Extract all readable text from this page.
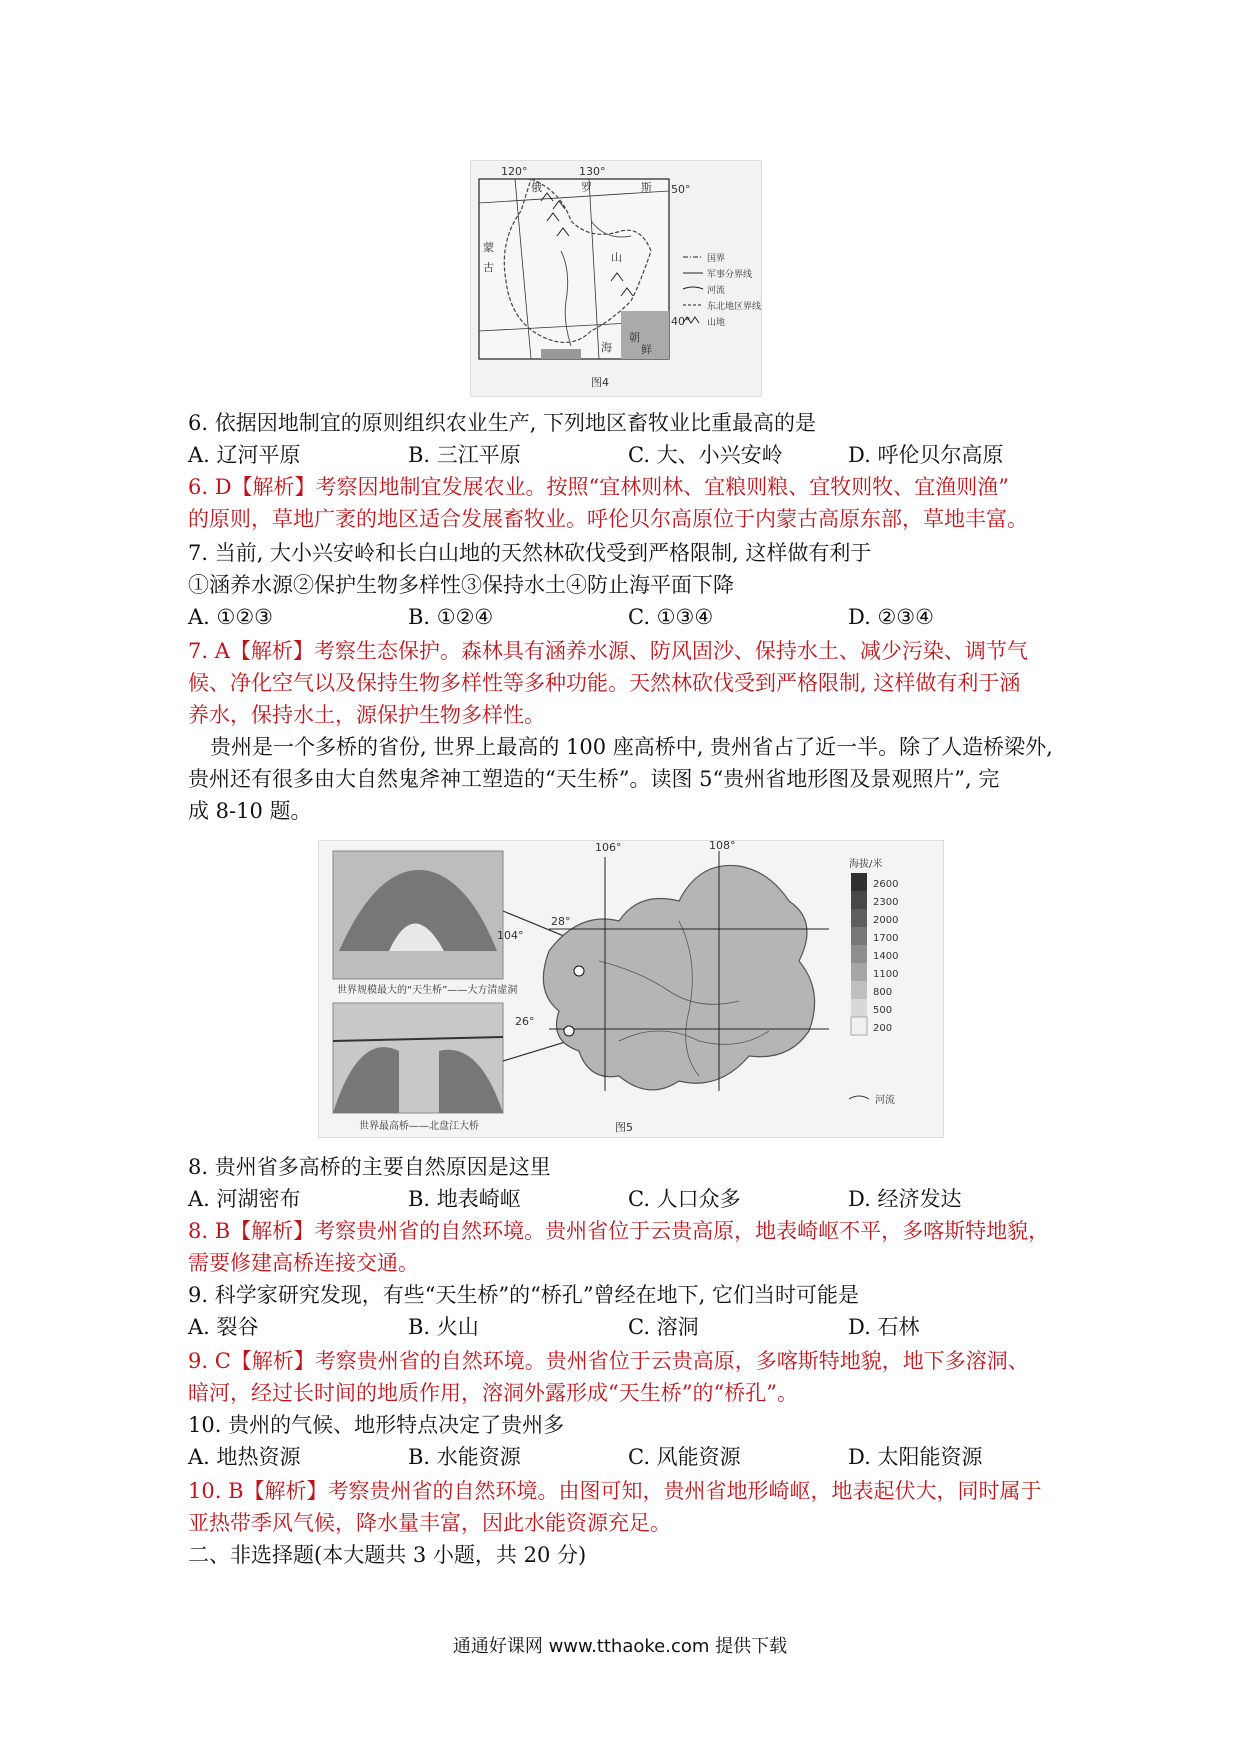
120°	130°
50°
40°
俄	罗	斯
蒙
古
山
朝
鲜
海
国界
军事分界线
河流
东北地区界线
山地
图4
6. 依据因地制宜的原则组织农业生产, 下列地区畜牧业比重最高的是
A. 辽河平原	B. 三江平原	C. 大、小兴安岭	D. 呼伦贝尔高原
6. D【解析】考察因地制宜发展农业。按照“宜林则林、宜粮则粮、宜牧则牧、宜渔则渔”
的原则，草地广袤的地区适合发展畜牧业。呼伦贝尔高原位于内蒙古高原东部，草地丰富。
7. 当前, 大小兴安岭和长白山地的天然林砍伐受到严格限制, 这样做有利于
①涵养水源②保护生物多样性③保持水土④防止海平面下降
A. ①②③	B. ①②④	C. ①③④	D. ②③④
7. A【解析】考察生态保护。森林具有涵养水源、防风固沙、保持水土、减少污染、调节气
候、净化空气以及保持生物多样性等多种功能。天然林砍伐受到严格限制, 这样做有利于涵
养水，保持水土，源保护生物多样性。
贵州是一个多桥的省份, 世界上最高的 100 座高桥中, 贵州省占了近一半。除了人造桥梁外,
贵州还有很多由大自然鬼斧神工塑造的“天生桥”。读图 5“贵州省地形图及景观照片”, 完
成 8-10 题。
世界规模最大的“天生桥”——大方清虚洞
世界最高桥——北盘江大桥
104°
106°	108°
28°
26°
海拔/米
2600
2300
2000
1700
1400
1100
800
500
200
河流
图5
8. 贵州省多高桥的主要自然原因是这里
A. 河湖密布	B. 地表崎岖	C. 人口众多	D. 经济发达
8. B【解析】考察贵州省的自然环境。贵州省位于云贵高原，地表崎岖不平，多喀斯特地貌，
需要修建高桥连接交通。
9. 科学家研究发现，有些“天生桥”的“桥孔”曾经在地下, 它们当时可能是
A. 裂谷	B. 火山	C. 溶洞	D. 石林
9. C【解析】考察贵州省的自然环境。贵州省位于云贵高原，多喀斯特地貌，地下多溶洞、
暗河，经过长时间的地质作用，溶洞外露形成“天生桥”的“桥孔”。
10. 贵州的气候、地形特点决定了贵州多
A. 地热资源	B. 水能资源	C. 风能资源	D. 太阳能资源
10. B【解析】考察贵州省的自然环境。由图可知，贵州省地形崎岖，地表起伏大，同时属于
亚热带季风气候，降水量丰富，因此水能资源充足。
二、非选择题(本大题共 3 小题，共 20 分)
通通好课网 www.tthaoke.com 提供下载
